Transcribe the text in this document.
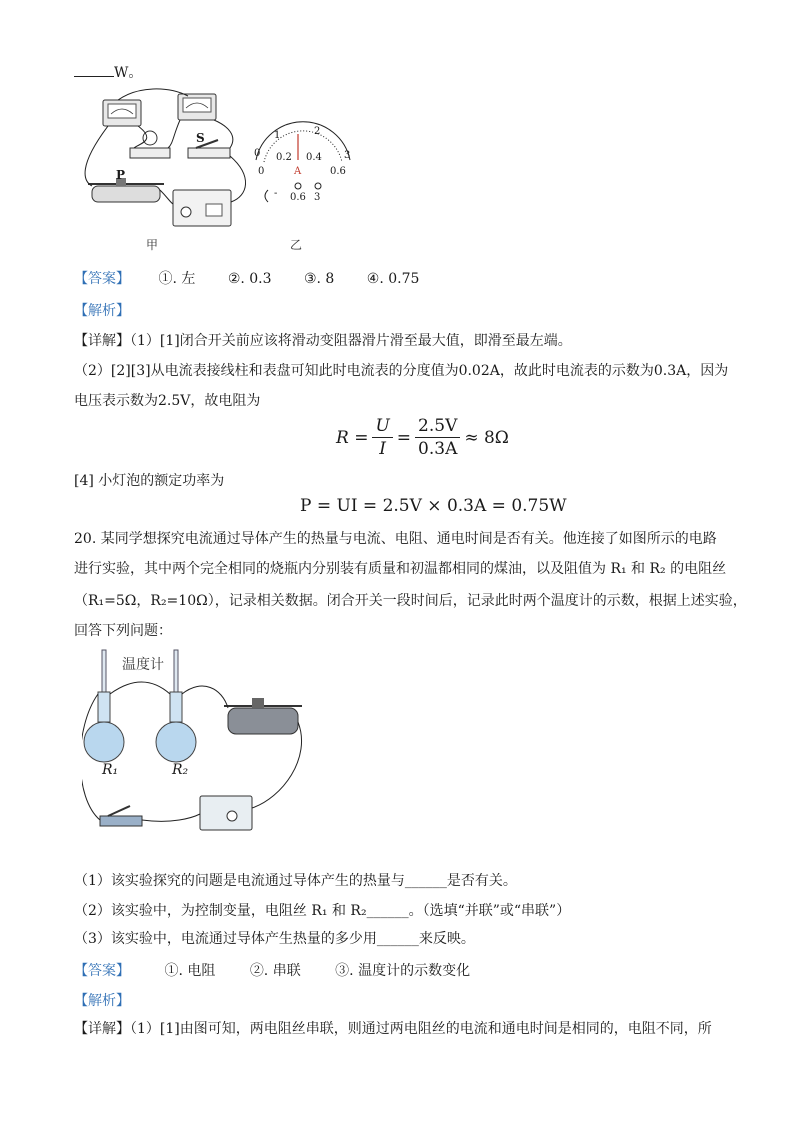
W。
P
S
0
1	2
3
0
0.2 0.4
0.6
A
- 0.6 3
甲	乙
【答案】 ①. 左 ②. 0.3 ③. 8 ④. 0.75
【解析】
【详解】（1）[1]闭合开关前应该将滑动变阻器滑片滑至最大值，即滑至最左端。
（2）[2][3]从电流表接线柱和表盘可知此时电流表的分度值为0.02A，故此时电流表的示数为0.3A，因为
电压表示数为2.5V，故电阻为
$R = \frac{U}{I} = \frac{2.5V}{0.3A} \approx 8\Omega$
[4] 小灯泡的额定功率为
P = UI = 2.5V × 0.3A = 0.75W
20. 某同学想探究电流通过导体产生的热量与电流、电阻、通电时间是否有关。他连接了如图所示的电路
进行实验，其中两个完全相同的烧瓶内分别装有质量和初温都相同的煤油，以及阻值为 R₁ 和 R₂ 的电阻丝
（R₁=5Ω，R₂=10Ω），记录相关数据。闭合开关一段时间后，记录此时两个温度计的示数，根据上述实验，
回答下列问题：
温度计
R₁	R₂
（1）该实验探究的问题是电流通过导体产生的热量与______是否有关。
（2）该实验中，为控制变量，电阻丝 R₁ 和 R₂______。（选填“并联”或“串联”）
（3）该实验中，电流通过导体产生热量的多少用______来反映。
【答案】 ①. 电阻 ②. 串联 ③. 温度计的示数变化
【解析】
【详解】（1）[1]由图可知，两电阻丝串联，则通过两电阻丝的电流和通电时间是相同的，电阻不同，所
